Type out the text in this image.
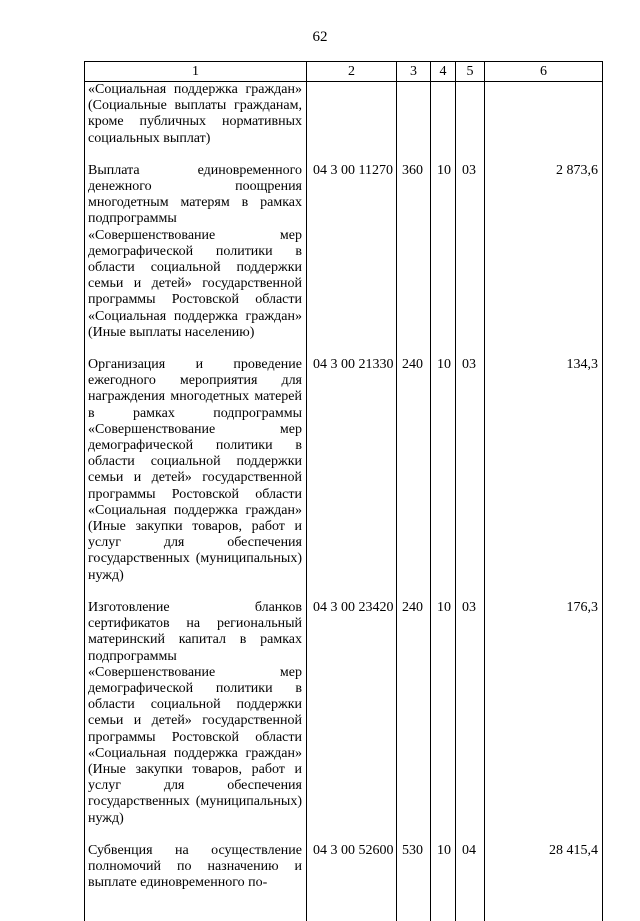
62
1	2	3	4	5	6
«Социальная поддержка граждан» (Социальные выплаты гражданам, кроме публичных нормативных социальных выплат)					
Выплата единовременного денежного поощрения многодетным матерям в рамках подпрограммы «Совершенствование мер демографической политики в области социальной поддержки семьи и детей» государственной программы Ростовской области «Социальная поддержка граждан» (Иные выплаты населению)	04 3 00 11270	360	10	03	2 873,6
Организация и проведение ежегодного мероприятия для награждения многодетных матерей в рамках подпрограммы «Совершенствование мер демографической политики в области социальной поддержки семьи и детей» государственной программы Ростовской области «Социальная поддержка граждан» (Иные закупки товаров, работ и услуг для обеспечения государственных (муниципальных) нужд)	04 3 00 21330	240	10	03	134,3
Изготовление бланков сертификатов на региональный материнский капитал в рамках подпрограммы «Совершенствование мер демографической политики в области социальной поддержки семьи и детей» государственной программы Ростовской области «Социальная поддержка граждан» (Иные закупки товаров, работ и услуг для обеспечения государственных (муниципальных) нужд)	04 3 00 23420	240	10	03	176,3
Субвенция на осуществление полномочий по назначению и выплате единовременного по-	04 3 00 52600	530	10	04	28 415,4
